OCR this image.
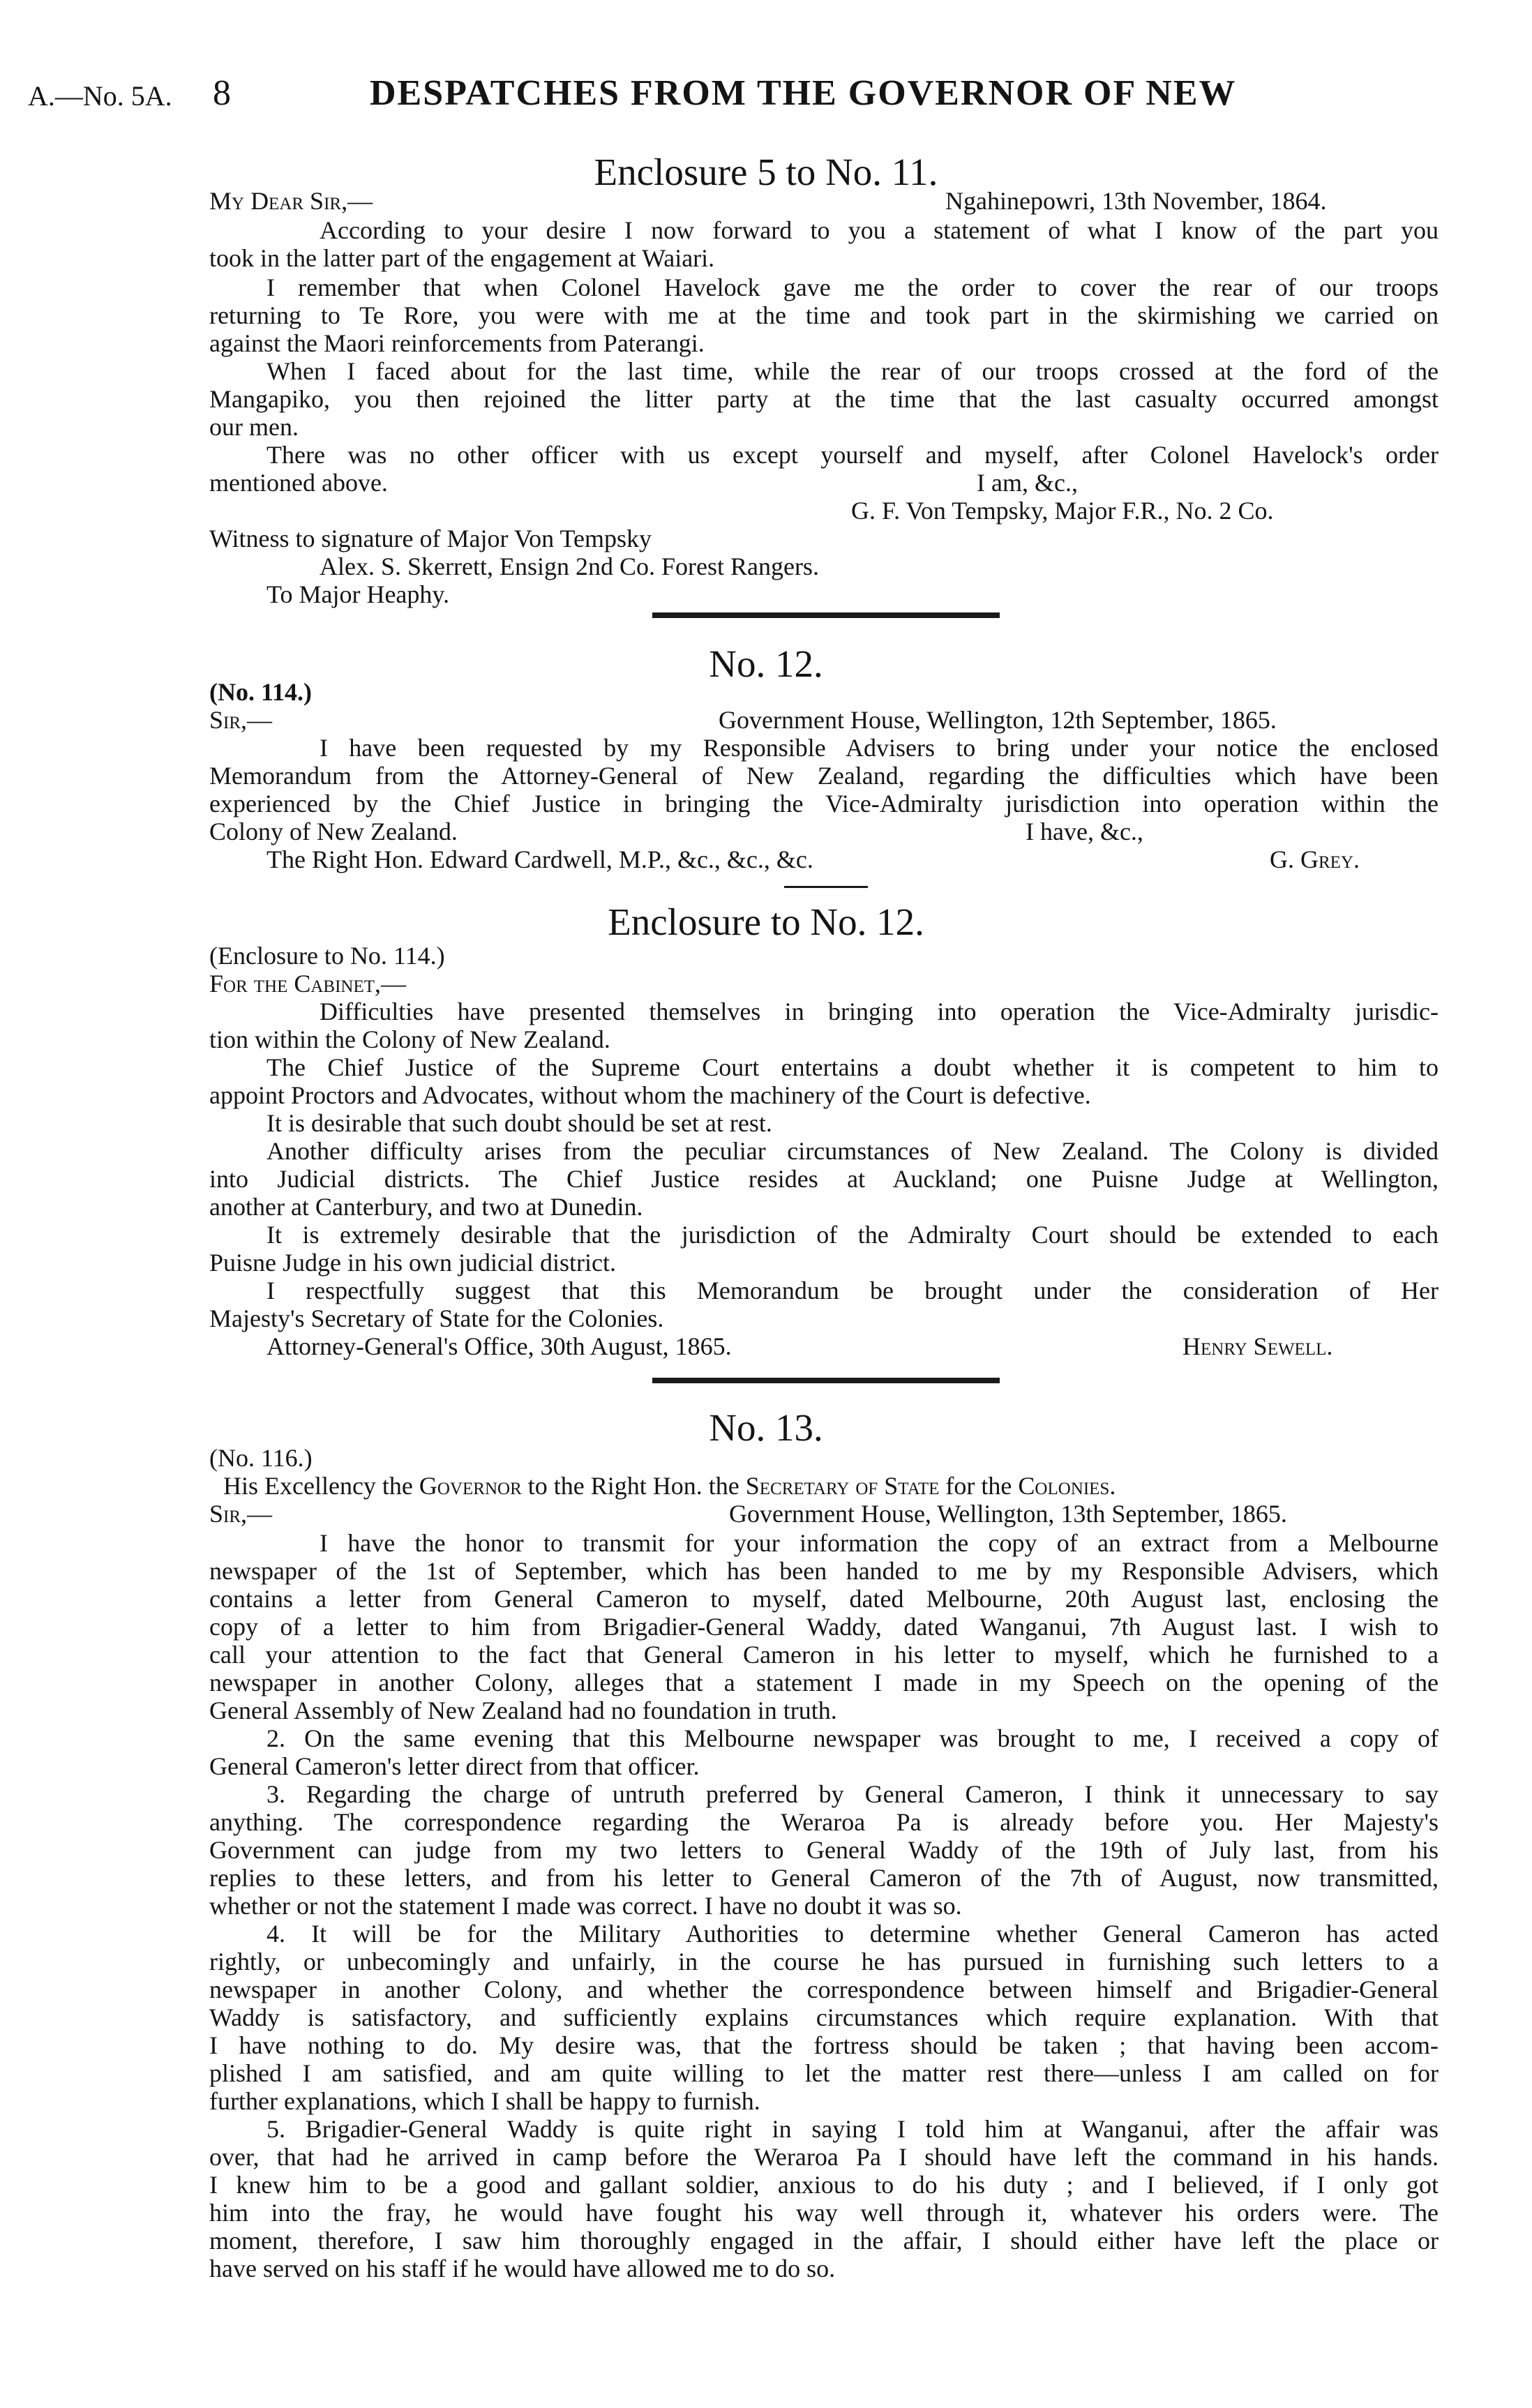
A.—No. 5A. 8	DESPATCHES FROM THE GOVERNOR OF NEW
Enclosure 5 to No. 11.
My Dear Sir,—	Ngahinepowri, 13th November, 1864.
According to your desire I now forward to you a statement of what I know of the part you
took in the latter part of the engagement at Waiari.
I remember that when Colonel Havelock gave me the order to cover the rear of our troops
returning to Te Rore, you were with me at the time and took part in the skirmishing we carried on
against the Maori reinforcements from Paterangi.
When I faced about for the last time, while the rear of our troops crossed at the ford of the
Mangapiko, you then rejoined the litter party at the time that the last casualty occurred amongst
our men.
There was no other officer with us except yourself and myself, after Colonel Havelock's order
mentioned above.	I am, &c.,
G. F. Von Tempsky, Major F.R., No. 2 Co.
Witness to signature of Major Von Tempsky
Alex. S. Skerrett, Ensign 2nd Co. Forest Rangers.
To Major Heaphy.
No. 12.
(No. 114.)
Sir,—	Government House, Wellington, 12th September, 1865.
I have been requested by my Responsible Advisers to bring under your notice the enclosed
Memorandum from the Attorney-General of New Zealand, regarding the difficulties which have been
experienced by the Chief Justice in bringing the Vice-Admiralty jurisdiction into operation within the
Colony of New Zealand.	I have, &c.,
The Right Hon. Edward Cardwell, M.P., &c., &c., &c.	G. Grey.
Enclosure to No. 12.
(Enclosure to No. 114.)
For the Cabinet,—
Difficulties have presented themselves in bringing into operation the Vice-Admiralty jurisdic-
tion within the Colony of New Zealand.
The Chief Justice of the Supreme Court entertains a doubt whether it is competent to him to
appoint Proctors and Advocates, without whom the machinery of the Court is defective.
It is desirable that such doubt should be set at rest.
Another difficulty arises from the peculiar circumstances of New Zealand. The Colony is divided
into Judicial districts. The Chief Justice resides at Auckland; one Puisne Judge at Wellington,
another at Canterbury, and two at Dunedin.
It is extremely desirable that the jurisdiction of the Admiralty Court should be extended to each
Puisne Judge in his own judicial district.
I respectfully suggest that this Memorandum be brought under the consideration of Her
Majesty's Secretary of State for the Colonies.
Attorney-General's Office, 30th August, 1865.	Henry Sewell.
No. 13.
(No. 116.)
His Excellency the Governor to the Right Hon. the Secretary of State for the Colonies.
Sir,—	Government House, Wellington, 13th September, 1865.
I have the honor to transmit for your information the copy of an extract from a Melbourne
newspaper of the 1st of September, which has been handed to me by my Responsible Advisers, which
contains a letter from General Cameron to myself, dated Melbourne, 20th August last, enclosing the
copy of a letter to him from Brigadier-General Waddy, dated Wanganui, 7th August last. I wish to
call your attention to the fact that General Cameron in his letter to myself, which he furnished to a
newspaper in another Colony, alleges that a statement I made in my Speech on the opening of the
General Assembly of New Zealand had no foundation in truth.
2. On the same evening that this Melbourne newspaper was brought to me, I received a copy of
General Cameron's letter direct from that officer.
3. Regarding the charge of untruth preferred by General Cameron, I think it unnecessary to say
anything. The correspondence regarding the Weraroa Pa is already before you. Her Majesty's
Government can judge from my two letters to General Waddy of the 19th of July last, from his
replies to these letters, and from his letter to General Cameron of the 7th of August, now transmitted,
whether or not the statement I made was correct. I have no doubt it was so.
4. It will be for the Military Authorities to determine whether General Cameron has acted
rightly, or unbecomingly and unfairly, in the course he has pursued in furnishing such letters to a
newspaper in another Colony, and whether the correspondence between himself and Brigadier-General
Waddy is satisfactory, and sufficiently explains circumstances which require explanation. With that
I have nothing to do. My desire was, that the fortress should be taken ; that having been accom-
plished I am satisfied, and am quite willing to let the matter rest there—unless I am called on for
further explanations, which I shall be happy to furnish.
5. Brigadier-General Waddy is quite right in saying I told him at Wanganui, after the affair was
over, that had he arrived in camp before the Weraroa Pa I should have left the command in his hands.
I knew him to be a good and gallant soldier, anxious to do his duty ; and I believed, if I only got
him into the fray, he would have fought his way well through it, whatever his orders were. The
moment, therefore, I saw him thoroughly engaged in the affair, I should either have left the place or
have served on his staff if he would have allowed me to do so.
